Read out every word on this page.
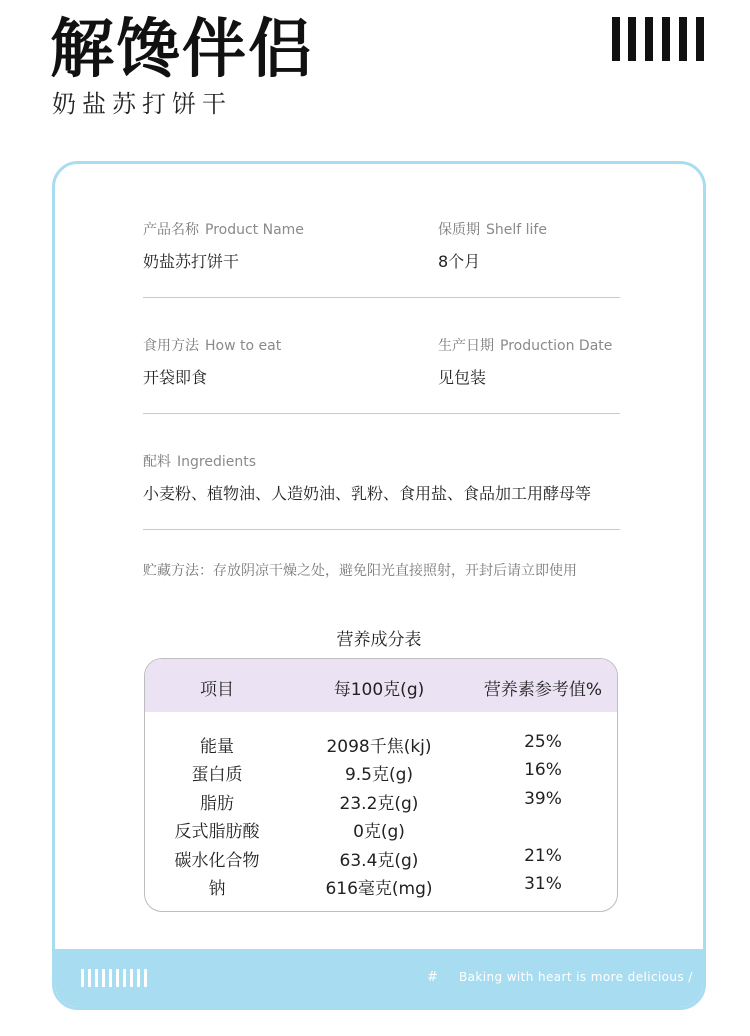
解馋伴侣
奶盐苏打饼干
产品名称 Product Name
奶盐苏打饼干
保质期 Shelf life
8个月
食用方法 How to eat
开袋即食
生产日期 Production Date
见包装
配料 Ingredients
小麦粉、植物油、人造奶油、乳粉、食用盐、食品加工用酵母等
贮藏方法：存放阴凉干燥之处，避免阳光直接照射，开封后请立即使用
营养成分表
项目	每100克(g)	营养素参考值%
能量	2098千焦(kj)	25%
蛋白质	9.5克(g)	16%
脂肪	23.2克(g)	39%
反式脂肪酸	0克(g)
碳水化合物	63.4克(g)	21%
钠	616毫克(mg)	31%
# Baking with heart is more delicious /
